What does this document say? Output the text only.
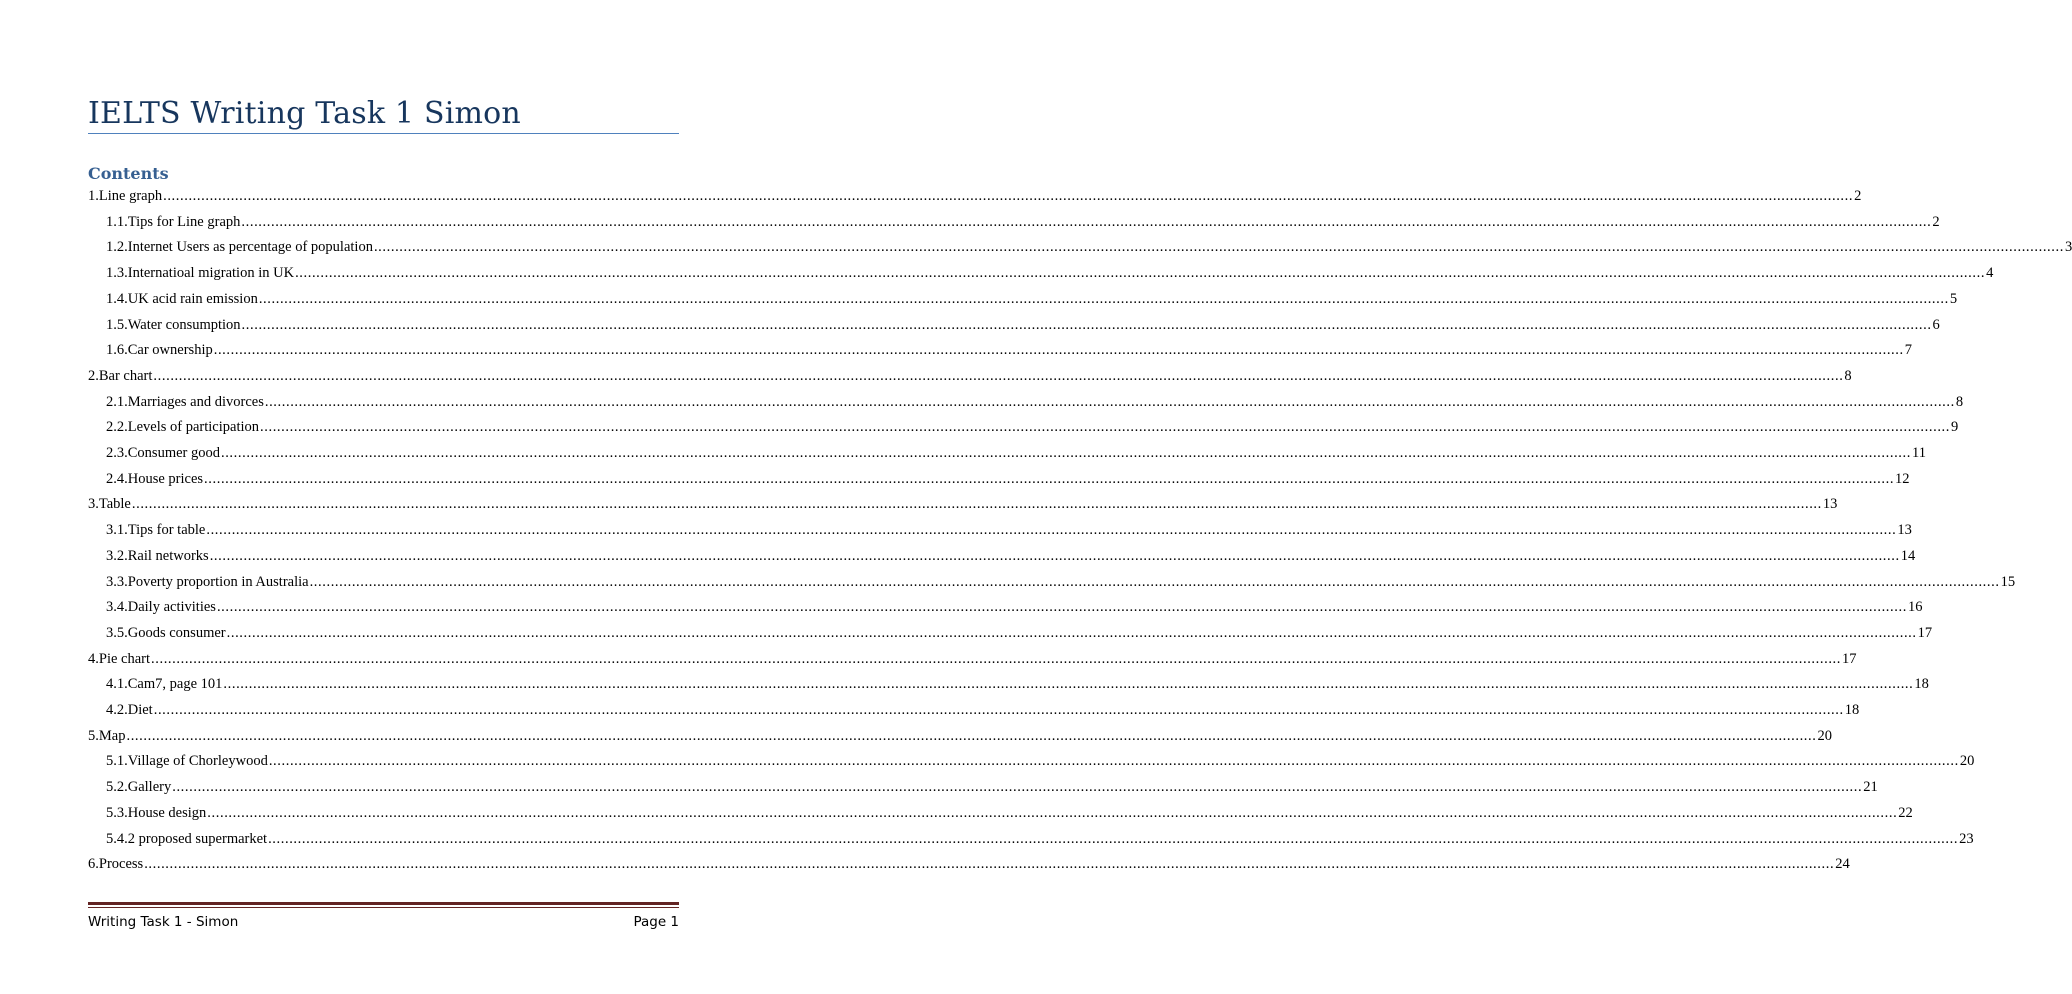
IELTS Writing Task 1 Simon
Contents
1. Line graph ................................................................................................................................................................................................................................................................................................................................................................................................................ 2
1.1. Tips for Line graph ................................................................................................................................................................................................................................................................................................................................................................................................................ 2
1.2. Internet Users as percentage of population ................................................................................................................................................................................................................................................................................................................................................................................................................ 3
1.3. Internatioal migration in UK ................................................................................................................................................................................................................................................................................................................................................................................................................ 4
1.4. UK acid rain emission ................................................................................................................................................................................................................................................................................................................................................................................................................ 5
1.5. Water consumption ................................................................................................................................................................................................................................................................................................................................................................................................................ 6
1.6. Car ownership ................................................................................................................................................................................................................................................................................................................................................................................................................ 7
2. Bar chart ................................................................................................................................................................................................................................................................................................................................................................................................................ 8
2.1. Marriages and divorces ................................................................................................................................................................................................................................................................................................................................................................................................................ 8
2.2. Levels of participation ................................................................................................................................................................................................................................................................................................................................................................................................................ 9
2.3. Consumer good ................................................................................................................................................................................................................................................................................................................................................................................................................ 11
2.4. House prices ................................................................................................................................................................................................................................................................................................................................................................................................................ 12
3. Table ................................................................................................................................................................................................................................................................................................................................................................................................................ 13
3.1. Tips for table ................................................................................................................................................................................................................................................................................................................................................................................................................ 13
3.2. Rail networks ................................................................................................................................................................................................................................................................................................................................................................................................................ 14
3.3. Poverty proportion in Australia ................................................................................................................................................................................................................................................................................................................................................................................................................ 15
3.4. Daily activities ................................................................................................................................................................................................................................................................................................................................................................................................................ 16
3.5. Goods consumer ................................................................................................................................................................................................................................................................................................................................................................................................................ 17
4. Pie chart ................................................................................................................................................................................................................................................................................................................................................................................................................ 17
4.1. Cam7, page 101 ................................................................................................................................................................................................................................................................................................................................................................................................................ 18
4.2. Diet ................................................................................................................................................................................................................................................................................................................................................................................................................ 18
5. Map ................................................................................................................................................................................................................................................................................................................................................................................................................ 20
5.1. Village of Chorleywood ................................................................................................................................................................................................................................................................................................................................................................................................................ 20
5.2. Gallery ................................................................................................................................................................................................................................................................................................................................................................................................................ 21
5.3. House design ................................................................................................................................................................................................................................................................................................................................................................................................................ 22
5.4. 2 proposed supermarket ................................................................................................................................................................................................................................................................................................................................................................................................................ 23
6. Process ................................................................................................................................................................................................................................................................................................................................................................................................................ 24
Writing Task 1 - Simon	Page 1
